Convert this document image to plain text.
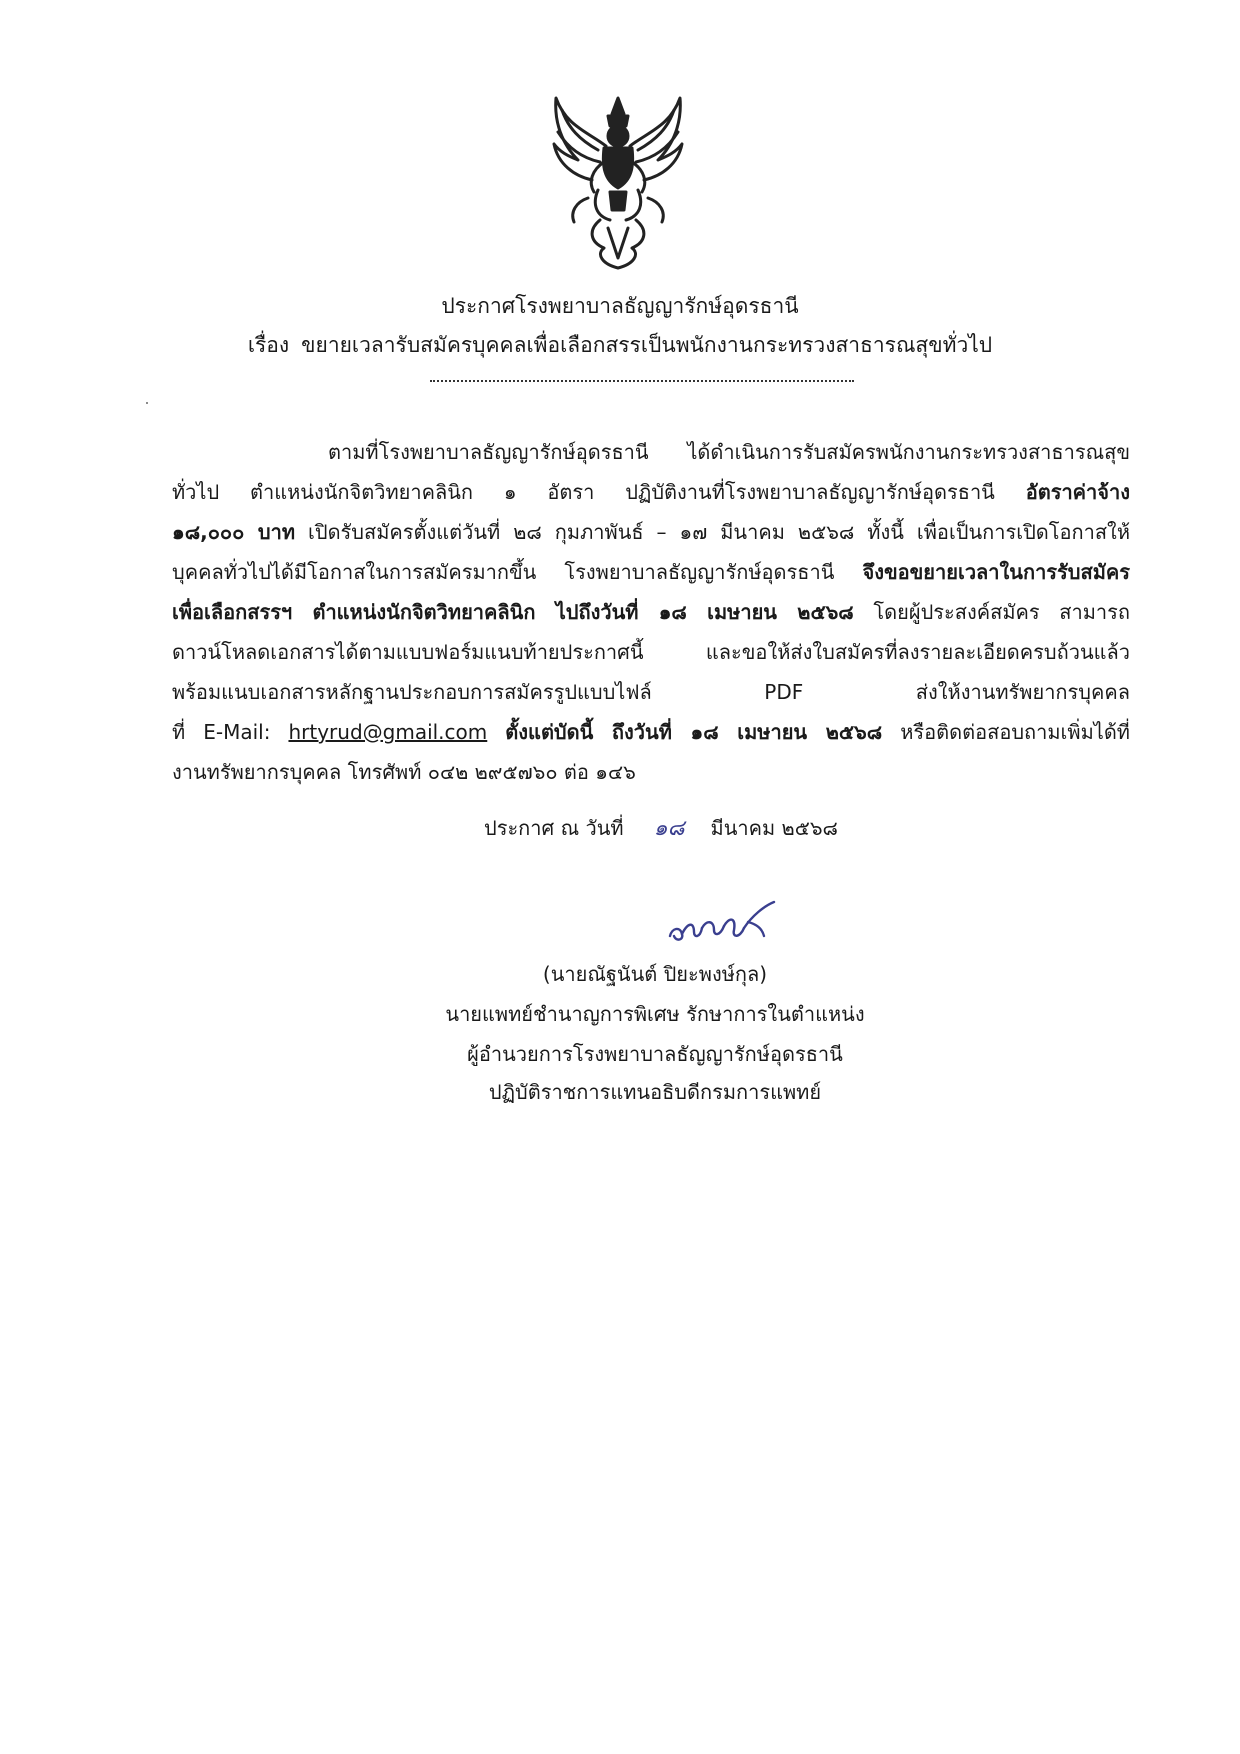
ประกาศโรงพยาบาลธัญญารักษ์อุดรธานี
เรื่อง ขยายเวลารับสมัครบุคคลเพื่อเลือกสรรเป็นพนักงานกระทรวงสาธารณสุขทั่วไป
ตามที่โรงพยาบาลธัญญารักษ์อุดรธานี ได้ดำเนินการรับสมัครพนักงานกระทรวงสาธารณสุข
ทั่วไป ตำแหน่งนักจิตวิทยาคลินิก ๑ อัตรา ปฏิบัติงานที่โรงพยาบาลธัญญารักษ์อุดรธานี อัตราค่าจ้าง
๑๘,๐๐๐ บาท เปิดรับสมัครตั้งแต่วันที่ ๒๘ กุมภาพันธ์ – ๑๗ มีนาคม ๒๕๖๘ ทั้งนี้ เพื่อเป็นการเปิดโอกาสให้
บุคคลทั่วไปได้มีโอกาสในการสมัครมากขึ้น โรงพยาบาลธัญญารักษ์อุดรธานี จึงขอขยายเวลาในการรับสมัคร
เพื่อเลือกสรรฯ ตำแหน่งนักจิตวิทยาคลินิก ไปถึงวันที่ ๑๘ เมษายน ๒๕๖๘ โดยผู้ประสงค์สมัคร สามารถ
ดาวน์โหลดเอกสารได้ตามแบบฟอร์มแนบท้ายประกาศนี้ และขอให้ส่งใบสมัครที่ลงรายละเอียดครบถ้วนแล้ว
พร้อมแนบเอกสารหลักฐานประกอบการสมัครรูปแบบไฟล์ PDF ส่งให้งานทรัพยากรบุคคล
ที่ E-Mail: hrtyrud@gmail.com ตั้งแต่บัดนี้ ถึงวันที่ ๑๘ เมษายน ๒๕๖๘ หรือติดต่อสอบถามเพิ่มได้ที่
งานทรัพยากรบุคคล โทรศัพท์ ๐๔๒ ๒๙๕๗๖๐ ต่อ ๑๔๖
ประกาศ ณ วันที่ ๑๘ มีนาคม ๒๕๖๘
(นายณัฐนันต์ ปิยะพงษ์กุล)
นายแพทย์ชำนาญการพิเศษ รักษาการในตำแหน่ง
ผู้อำนวยการโรงพยาบาลธัญญารักษ์อุดรธานี
ปฏิบัติราชการแทนอธิบดีกรมการแพทย์
